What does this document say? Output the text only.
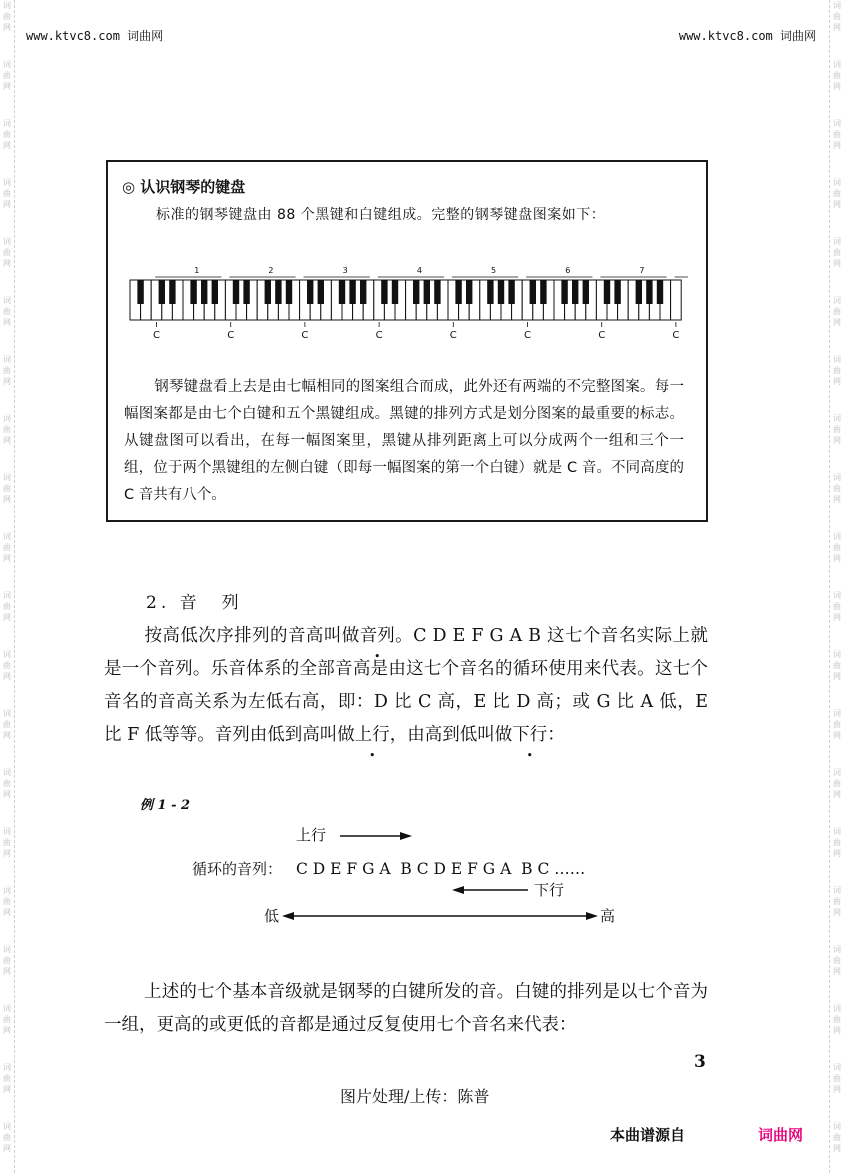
词
曲
网
词
曲
网
词
曲
网
词
曲
网
词
曲
网
词
曲
网
词
曲
网
词
曲
网
词
曲
网
词
曲
网
词
曲
网
词
曲
网
词
曲
网
词
曲
网
词
曲
网
词
曲
网
词
曲
网
词
曲
网
词
曲
网
词
曲
网
词
曲
网
词
曲
网
词
曲
网
词
曲
网
词
曲
网
词
曲
网
词
曲
网
词
曲
网
词
曲
网
词
曲
网
词
曲
网
词
曲
网
词
曲
网
词
曲
网
词
曲
网
词
曲
网
词
曲
网
词
曲
网
词
曲
网
词
曲
网
www.ktvc8.com 词曲网	www.ktvc8.com 词曲网
◎ 认识钢琴的键盘
标准的钢琴键盘由 88 个黑键和白键组成。完整的钢琴键盘图案如下：
C	C
1
C
2
C
3
C
4
C
5
C
6
C
7
钢琴键盘看上去是由七幅相同的图案组合而成，此外还有两端的不完整图案。每一幅图案都是由七个白键和五个黑键组成。黑键的排列方式是划分图案的最重要的标志。从键盘图可以看出，在每一幅图案里，黑键从排列距离上可以分成两个一组和三个一组，位于两个黑键组的左侧白键（即每一幅图案的第一个白键）就是 C 音。不同高度的 C 音共有八个。
2. 音　列
按高低次序排列的音高叫做音列。C D E F G A B 这七个音名实际上就是一个音列。乐音体系的全部音高是由这七个音名的循环使用来代表。这七个音名的音高关系为左低右高，即：D 比 C 高，E 比 D 高；或 G 比 A 低，E 比 F 低等等。音列由低到高叫做上行，由高到低叫做下行：
例 1 - 2
上行
循环的音列： C D E F G A  B C D E F G A  B C ……
下行
低	高
上述的七个基本音级就是钢琴的白键所发的音。白键的排列是以七个音为一组，更高的或更低的音都是通过反复使用七个音名来代表：
3
图片处理/上传：陈普
本曲谱源自	词曲网
